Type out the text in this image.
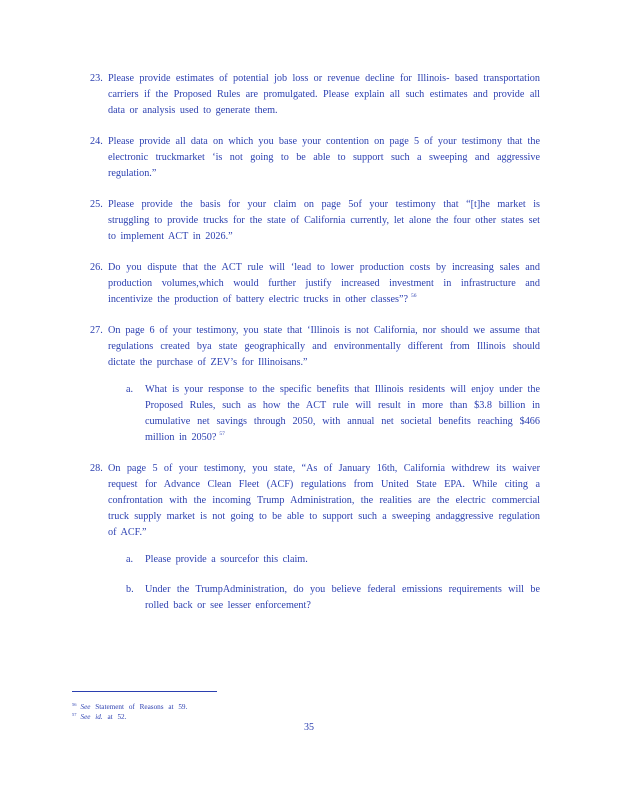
23. Please provide estimates of potential job loss or revenue decline for Illinois- based transportation carriers if the Proposed Rules are promulgated. Please explain all such estimates and provide all data or analysis used to generate them.
24. Please provide all data on which you base your contention on page 5 of your testimony that the electronic truckmarket ‘is not going to be able to support such a sweeping and aggressive regulation.”
25. Please provide the basis for your claim on page 5of your testimony that “[t]he market is struggling to provide trucks for the state of California currently, let alone the four other states set to implement ACT in 2026.”
26. Do you dispute that the ACT rule will ‘lead to lower production costs by increasing sales and production volumes,which would further justify increased investment in infrastructure and incentivize the production of battery electric trucks in other classes”? $^{56}$
27. On page 6 of your testimony, you state that ‘Illinois is not California, nor should we assume that regulations created bya state geographically and environmentally different from Illinois should dictate the purchase of ZEV’s for Illinoisans.”
a. What is your response to the specific benefits that Illinois residents will enjoy under the Proposed Rules, such as how the ACT rule will result in more than $3.8 billion in cumulative net savings through 2050, with annual net societal benefits reaching $466 million in 2050? $^{57}$
28. On page 5 of your testimony, you state, “As of January 16th, California withdrew its waiver request for Advance Clean Fleet (ACF) regulations from United State EPA. While citing a confrontation with the incoming Trump Administration, the realities are the electric commercial truck supply market is not going to be able to support such a sweeping andaggressive regulation of ACF.”
a. Please provide a sourcefor this claim.
b. Under the TrumpAdministration, do you believe federal emissions requirements will be rolled back or see lesser enforcement?
$^{56}$ See Statement of Reasons at 59.
$^{57}$ See id. at 52.
35
